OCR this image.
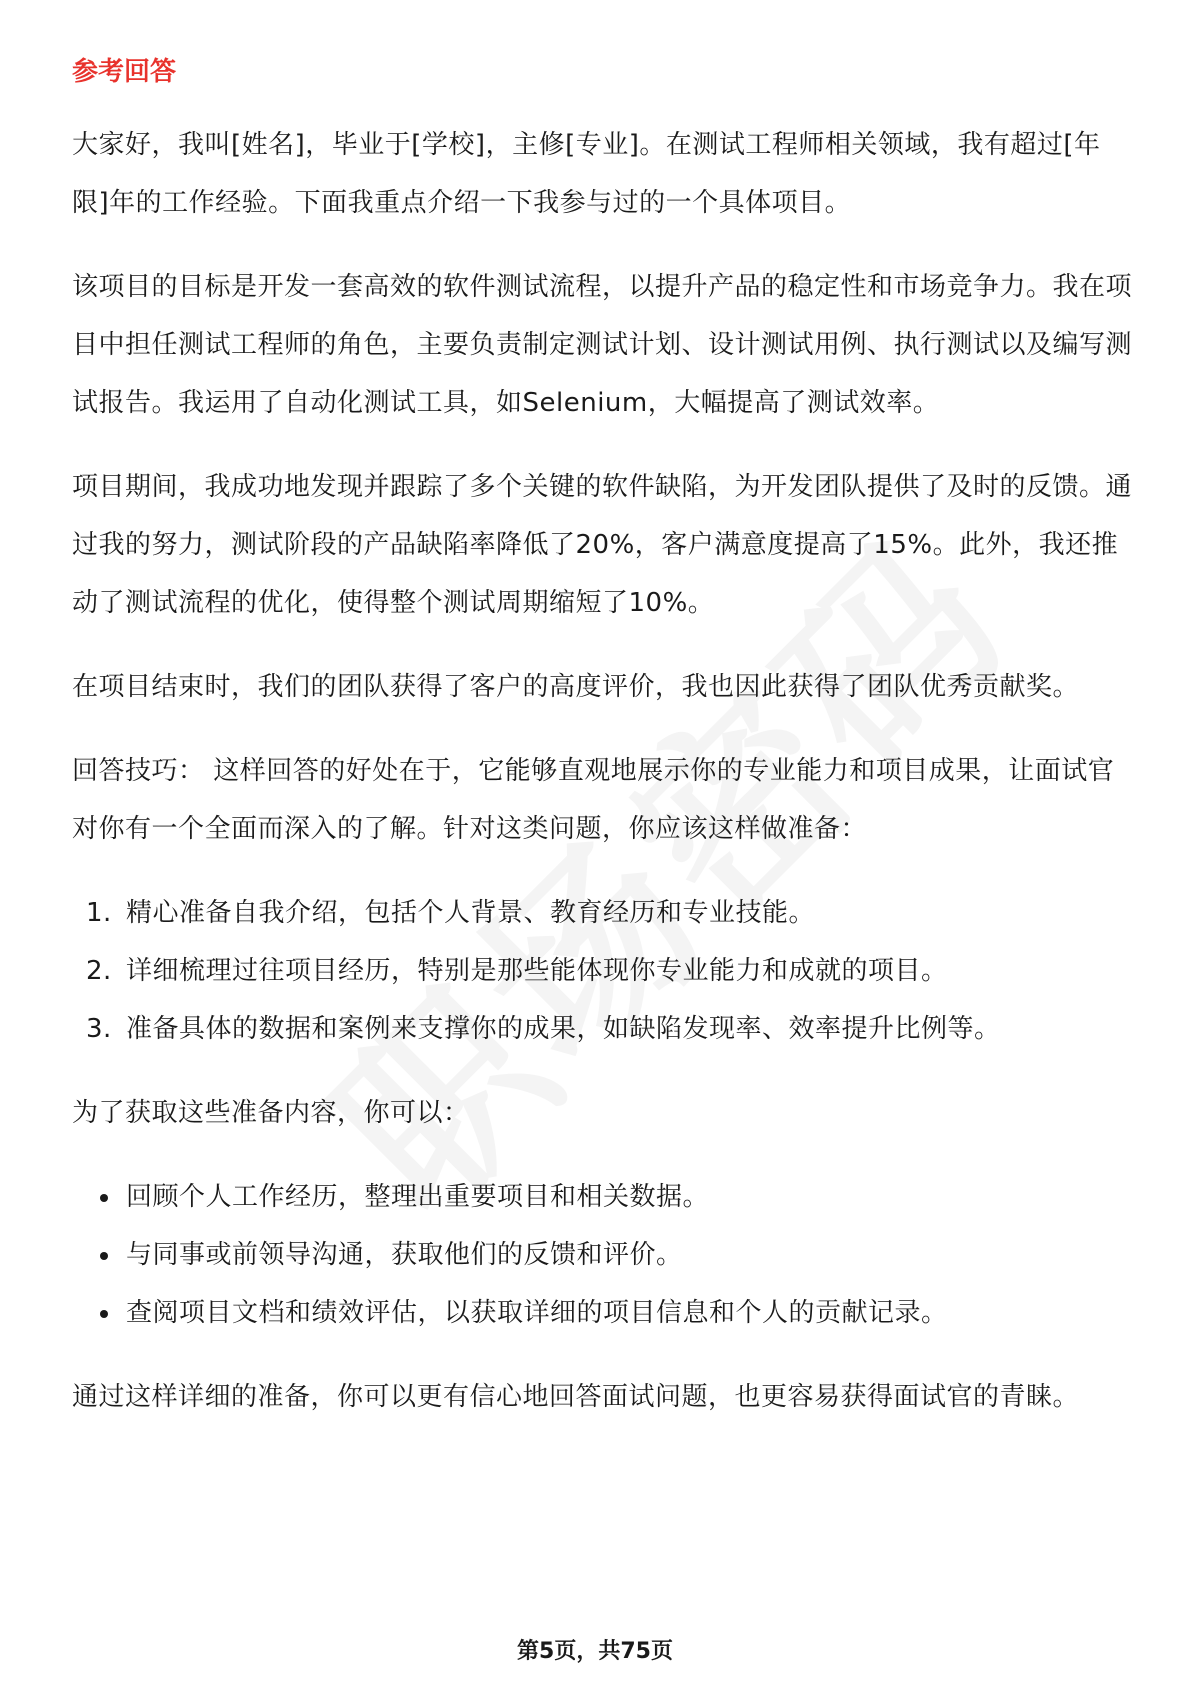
参考回答

大家好，我叫[姓名]，毕业于[学校]，主修[专业]。在测试工程师相关领域，我有超过[年限]年的工作经验。下面我重点介绍一下我参与过的一个具体项目。

该项目的目标是开发一套高效的软件测试流程，以提升产品的稳定性和市场竞争力。我在项目中担任测试工程师的角色，主要负责制定测试计划、设计测试用例、执行测试以及编写测试报告。我运用了自动化测试工具，如Selenium，大幅提高了测试效率。

项目期间，我成功地发现并跟踪了多个关键的软件缺陷，为开发团队提供了及时的反馈。通过我的努力，测试阶段的产品缺陷率降低了20%，客户满意度提高了15%。此外，我还推动了测试流程的优化，使得整个测试周期缩短了10%。

在项目结束时，我们的团队获得了客户的高度评价，我也因此获得了团队优秀贡献奖。

回答技巧： 这样回答的好处在于，它能够直观地展示你的专业能力和项目成果，让面试官对你有一个全面而深入的了解。针对这类问题，你应该这样做准备：

1. 精心准备自我介绍，包括个人背景、教育经历和专业技能。
2. 详细梳理过往项目经历，特别是那些能体现你专业能力和成就的项目。
3. 准备具体的数据和案例来支撑你的成果，如缺陷发现率、效率提升比例等。

为了获取这些准备内容，你可以：

回顾个人工作经历，整理出重要项目和相关数据。
与同事或前领导沟通，获取他们的反馈和评价。
查阅项目文档和绩效评估，以获取详细的项目信息和个人的贡献记录。

通过这样详细的准备，你可以更有信心地回答面试问题，也更容易获得面试官的青睐。

第5页，共75页
